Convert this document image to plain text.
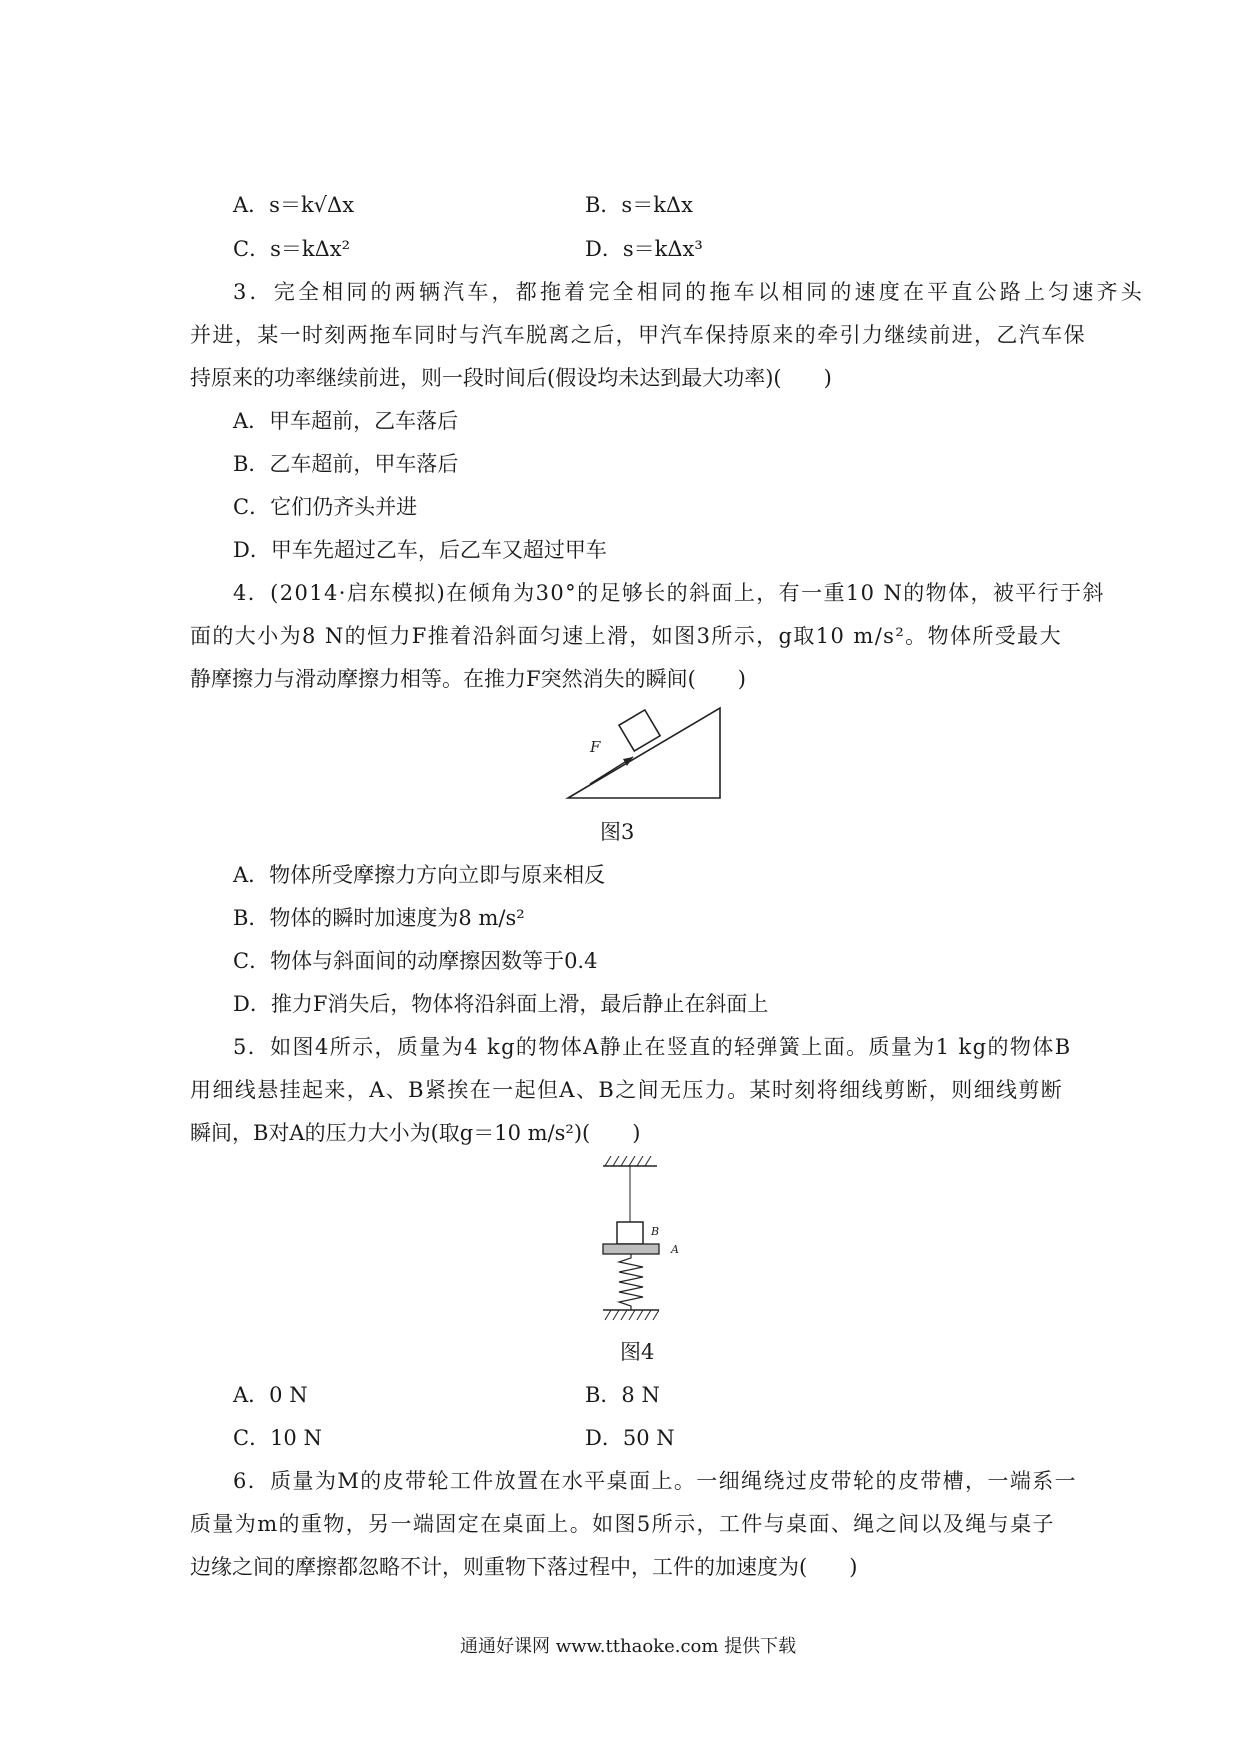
A．s＝k√Δx	B．s＝kΔx
C．s＝kΔx²	D．s＝kΔx³
3．完全相同的两辆汽车，都拖着完全相同的拖车以相同的速度在平直公路上匀速齐头
并进，某一时刻两拖车同时与汽车脱离之后，甲汽车保持原来的牵引力继续前进，乙汽车保
持原来的功率继续前进，则一段时间后(假设均未达到最大功率)(　　)
A．甲车超前，乙车落后
B．乙车超前，甲车落后
C．它们仍齐头并进
D．甲车先超过乙车，后乙车又超过甲车
4．(2014·启东模拟)在倾角为30°的足够长的斜面上，有一重10 N的物体，被平行于斜
面的大小为8 N的恒力F推着沿斜面匀速上滑，如图3所示，g取10 m/s²。物体所受最大
静摩擦力与滑动摩擦力相等。在推力F突然消失的瞬间(　　)
F
图3
A．物体所受摩擦力方向立即与原来相反
B．物体的瞬时加速度为8 m/s²
C．物体与斜面间的动摩擦因数等于0.4
D．推力F消失后，物体将沿斜面上滑，最后静止在斜面上
5．如图4所示，质量为4 kg的物体A静止在竖直的轻弹簧上面。质量为1 kg的物体B
用细线悬挂起来，A、B紧挨在一起但A、B之间无压力。某时刻将细线剪断，则细线剪断
瞬间，B对A的压力大小为(取g＝10 m/s²)(　　)
B
A
图4
A．0 N	B．8 N
C．10 N	D．50 N
6．质量为M的皮带轮工件放置在水平桌面上。一细绳绕过皮带轮的皮带槽，一端系一
质量为m的重物，另一端固定在桌面上。如图5所示，工件与桌面、绳之间以及绳与桌子
边缘之间的摩擦都忽略不计，则重物下落过程中，工件的加速度为(　　)
通通好课网 www.tthaoke.com 提供下载
